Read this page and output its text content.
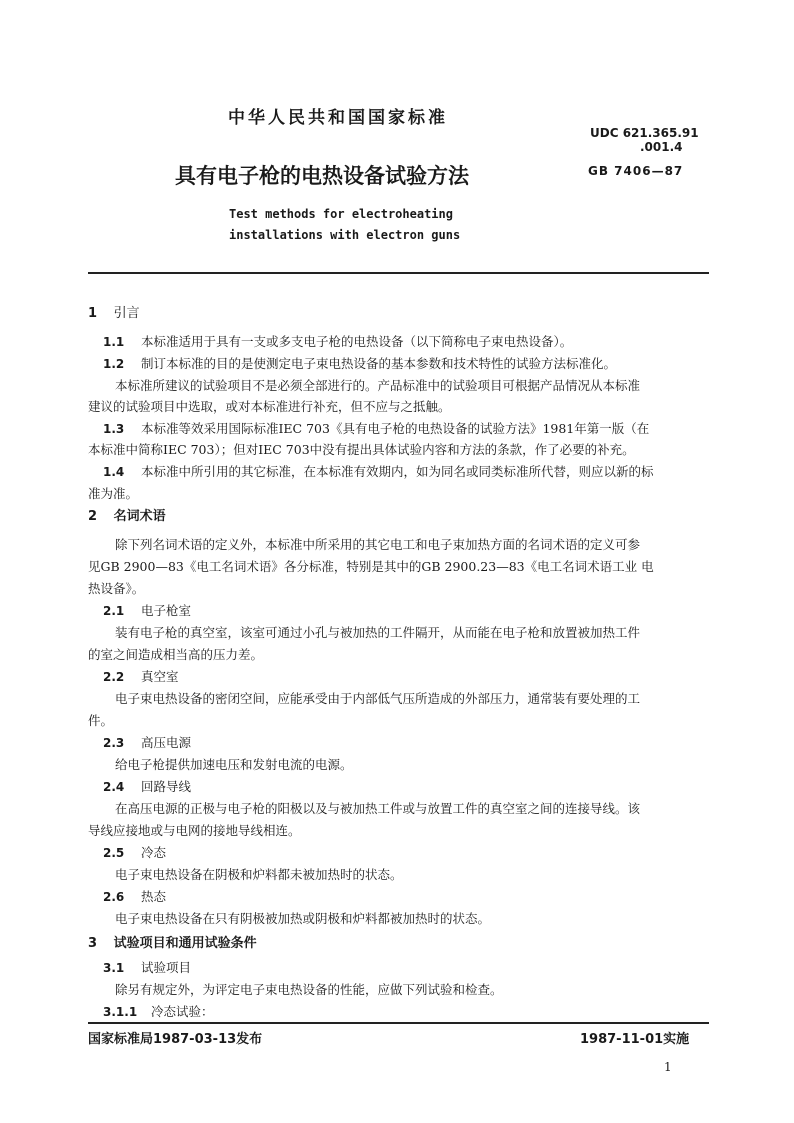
中华人民共和国国家标准
UDC 621.365.91
.001.4
具有电子枪的电热设备试验方法	GB 7406—87
Test methods for electroheating
installations with electron guns
1 引言
1.1 本标准适用于具有一支或多支电子枪的电热设备（以下简称电子束电热设备）。
1.2 制订本标准的目的是使测定电子束电热设备的基本参数和技术特性的试验方法标准化。
本标准所建议的试验项目不是必须全部进行的。产品标准中的试验项目可根据产品情况从本标准
建议的试验项目中选取，或对本标准进行补充，但不应与之抵触。
1.3 本标准等效采用国际标准IEC 703《具有电子枪的电热设备的试验方法》1981年第一版（在
本标准中简称IEC 703）；但对IEC 703中没有提出具体试验内容和方法的条款，作了必要的补充。
1.4 本标准中所引用的其它标准，在本标准有效期内，如为同名或同类标准所代替，则应以新的标
准为准。
2 名词术语
除下列名词术语的定义外，本标准中所采用的其它电工和电子束加热方面的名词术语的定义可参
见GB 2900—83《电工名词术语》各分标准，特别是其中的GB 2900.23—83《电工名词术语工业 电
热设备》。
2.1 电子枪室
装有电子枪的真空室，该室可通过小孔与被加热的工件隔开，从而能在电子枪和放置被加热工件
的室之间造成相当高的压力差。
2.2 真空室
电子束电热设备的密闭空间，应能承受由于内部低气压所造成的外部压力，通常装有要处理的工
件。
2.3 高压电源
给电子枪提供加速电压和发射电流的电源。
2.4 回路导线
在高压电源的正极与电子枪的阳极以及与被加热工件或与放置工件的真空室之间的连接导线。该
导线应接地或与电网的接地导线相连。
2.5 冷态
电子束电热设备在阴极和炉料都未被加热时的状态。
2.6 热态
电子束电热设备在只有阴极被加热或阴极和炉料都被加热时的状态。
3 试验项目和通用试验条件
3.1 试验项目
除另有规定外，为评定电子束电热设备的性能，应做下列试验和检查。
3.1.1 冷态试验：
国家标准局1987-03-13发布	1987-11-01实施
1
